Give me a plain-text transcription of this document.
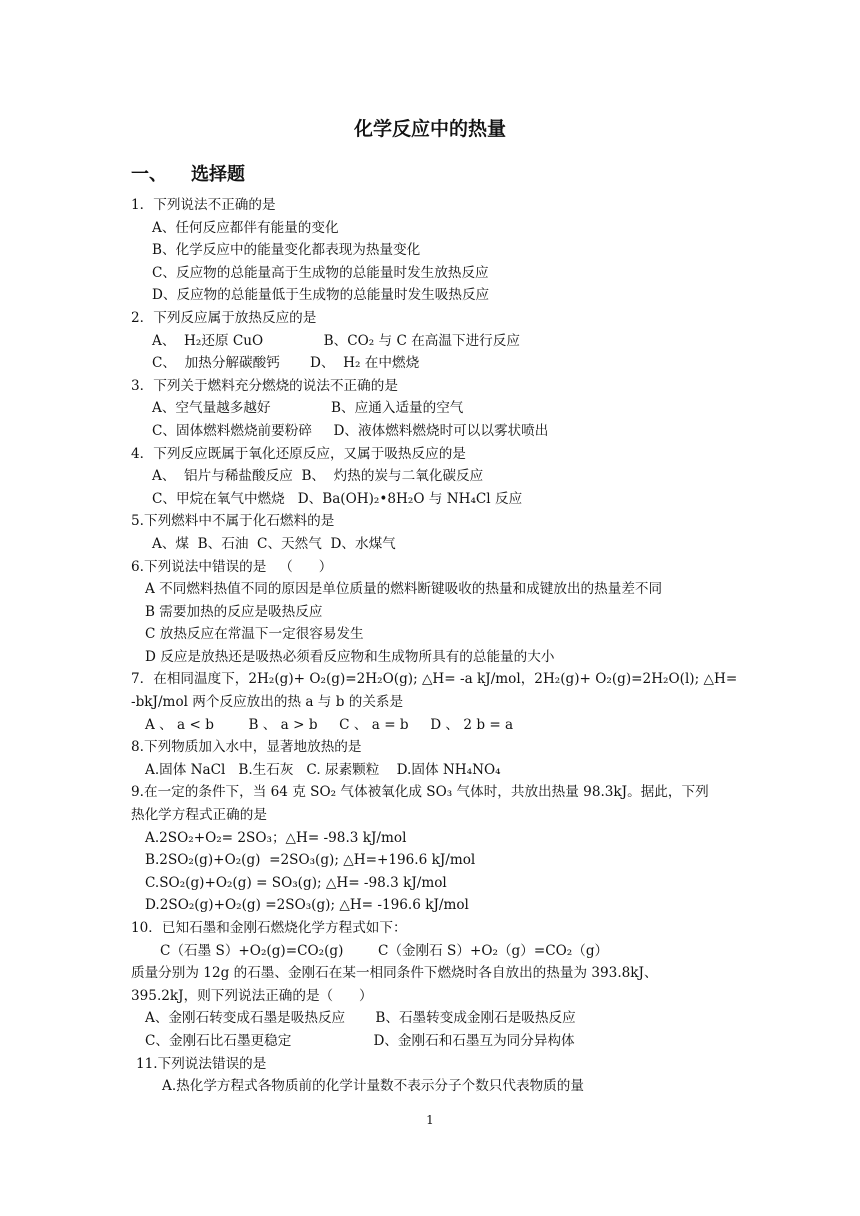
化学反应中的热量
一、 选择题
1．下列说法不正确的是
A、任何反应都伴有能量的变化
B、化学反应中的能量变化都表现为热量变化
C、反应物的总能量高于生成物的总能量时发生放热反应
D、反应物的总能量低于生成物的总能量时发生吸热反应
2．下列反应属于放热反应的是
A、  H₂还原 CuO              B、CO₂ 与 C 在高温下进行反应
C、  加热分解碳酸钙       D、  H₂ 在中燃烧
3．下列关于燃料充分燃烧的说法不正确的是
A、空气量越多越好              B、应通入适量的空气
C、固体燃料燃烧前要粉碎     D、液体燃料燃烧时可以以雾状喷出
4．下列反应既属于氧化还原反应，又属于吸热反应的是
A、  铝片与稀盐酸反应  B、  灼热的炭与二氧化碳反应
C、甲烷在氧气中燃烧   D、Ba(OH)₂•8H₂O 与 NH₄Cl 反应
5.下列燃料中不属于化石燃料的是
A、煤  B、石油  C、天然气  D、水煤气
6.下列说法中错误的是   （      ）
A 不同燃料热值不同的原因是单位质量的燃料断键吸收的热量和成键放出的热量差不同
B 需要加热的反应是吸热反应
C 放热反应在常温下一定很容易发生
D 反应是放热还是吸热必须看反应物和生成物所具有的总能量的大小
7．在相同温度下，2H₂(g)+ O₂(g)=2H₂O(g); △H= -a kJ/mol，2H₂(g)+ O₂(g)=2H₂O(l); △H=
-bkJ/mol 两个反应放出的热 a 与 b 的关系是
A 、 a < b        B 、 a > b     C 、 a = b     D 、 2 b = a
8.下列物质加入水中，显著地放热的是
A.固体 NaCl   B.生石灰   C. 尿素颗粒    D.固体 NH₄NO₄
9.在一定的条件下，当 64 克 SO₂ 气体被氧化成 SO₃ 气体时，共放出热量 98.3kJ。据此，下列
热化学方程式正确的是
A.2SO₂+O₂= 2SO₃；△H= -98.3 kJ/mol
B.2SO₂(g)+O₂(g)  =2SO₃(g); △H=+196.6 kJ/mol
C.SO₂(g)+O₂(g) = SO₃(g); △H= -98.3 kJ/mol
D.2SO₂(g)+O₂(g) =2SO₃(g); △H= -196.6 kJ/mol
10．已知石墨和金刚石燃烧化学方程式如下：
C（石墨 S）+O₂(g)=CO₂(g)        C（金刚石 S）+O₂（g）=CO₂（g）
质量分别为 12g 的石墨、金刚石在某一相同条件下燃烧时各自放出的热量为 393.8kJ、
395.2kJ，则下列说法正确的是（      ）
A、金刚石转变成石墨是吸热反应       B、石墨转变成金刚石是吸热反应
C、金刚石比石墨更稳定                   D、金刚石和石墨互为同分异构体
11.下列说法错误的是
A.热化学方程式各物质前的化学计量数不表示分子个数只代表物质的量
1
